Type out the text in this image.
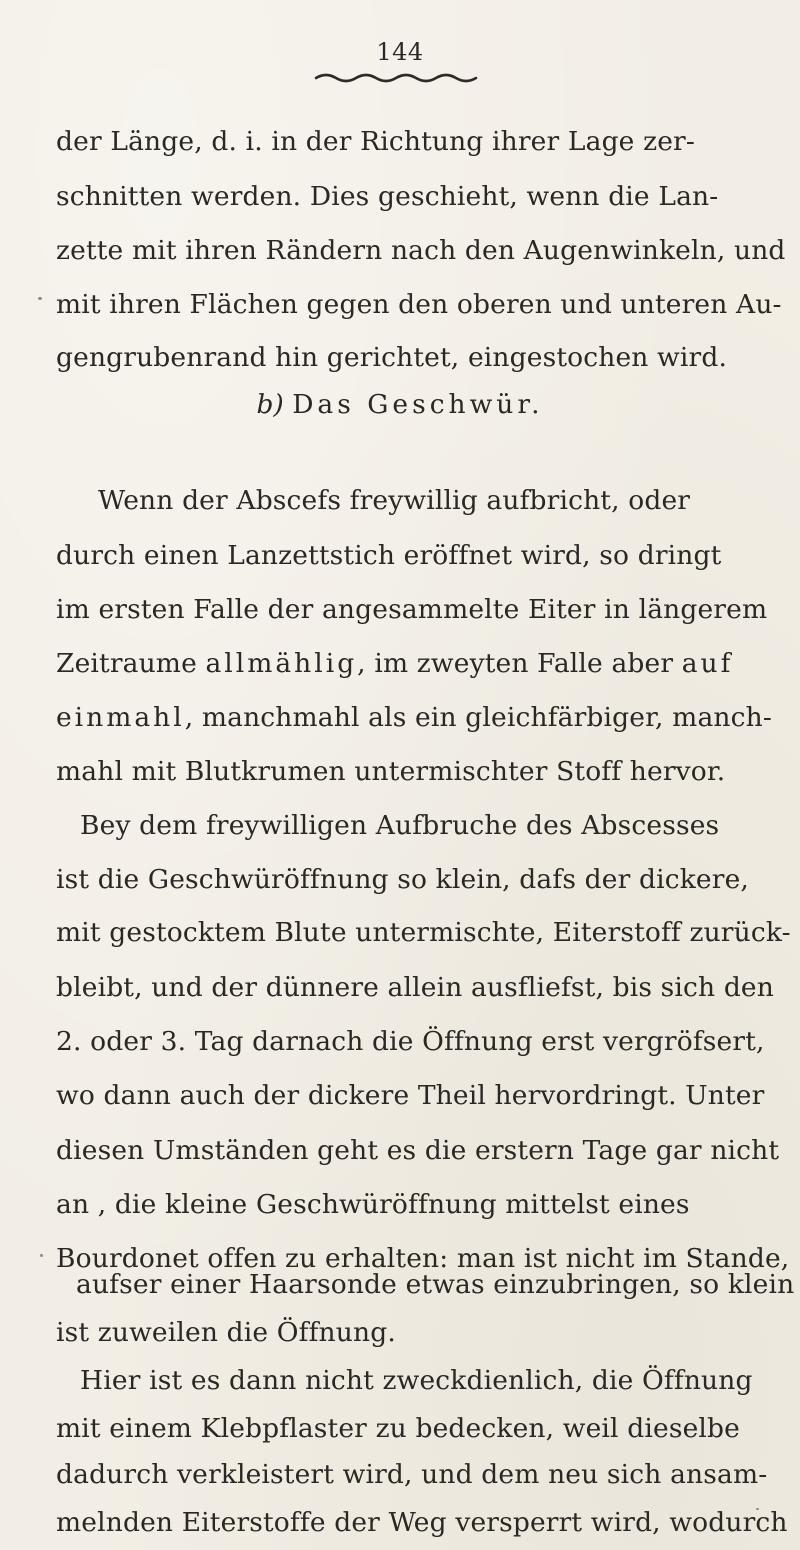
144
der Länge, d. i. in der Richtung ihrer Lage zer-
schnitten werden. Dies geschieht, wenn die Lan-
zette mit ihren Rändern nach den Augenwinkeln, und
mit ihren Flächen gegen den oberen und unteren Au-
gengrubenrand hin gerichtet, eingestochen wird.
b) Das Geschwür.
Wenn der Abscefs freywillig aufbricht, oder
durch einen Lanzettstich eröffnet wird, so dringt
im ersten Falle der angesammelte Eiter in längerem
Zeitraume allmählig, im zweyten Falle aber auf
einmahl, manchmahl als ein gleichfärbiger, manch-
mahl mit Blutkrumen untermischter Stoff hervor.
Bey dem freywilligen Aufbruche des Abscesses
ist die Geschwüröffnung so klein, dafs der dickere,
mit gestocktem Blute untermischte, Eiterstoff zurück-
bleibt, und der dünnere allein ausfliefst, bis sich den
2. oder 3. Tag darnach die Öffnung erst vergröfsert,
wo dann auch der dickere Theil hervordringt. Unter
diesen Umständen geht es die erstern Tage gar nicht
an , die kleine Geschwüröffnung mittelst eines
Bourdonet offen zu erhalten: man ist nicht im Stande,
aufser einer Haarsonde etwas einzubringen, so klein
ist zuweilen die Öffnung.
Hier ist es dann nicht zweckdienlich, die Öffnung
mit einem Klebpflaster zu bedecken, weil dieselbe
dadurch verkleistert wird, und dem neu sich ansam-
melnden Eiterstoffe der Weg versperrt wird, wodurch
